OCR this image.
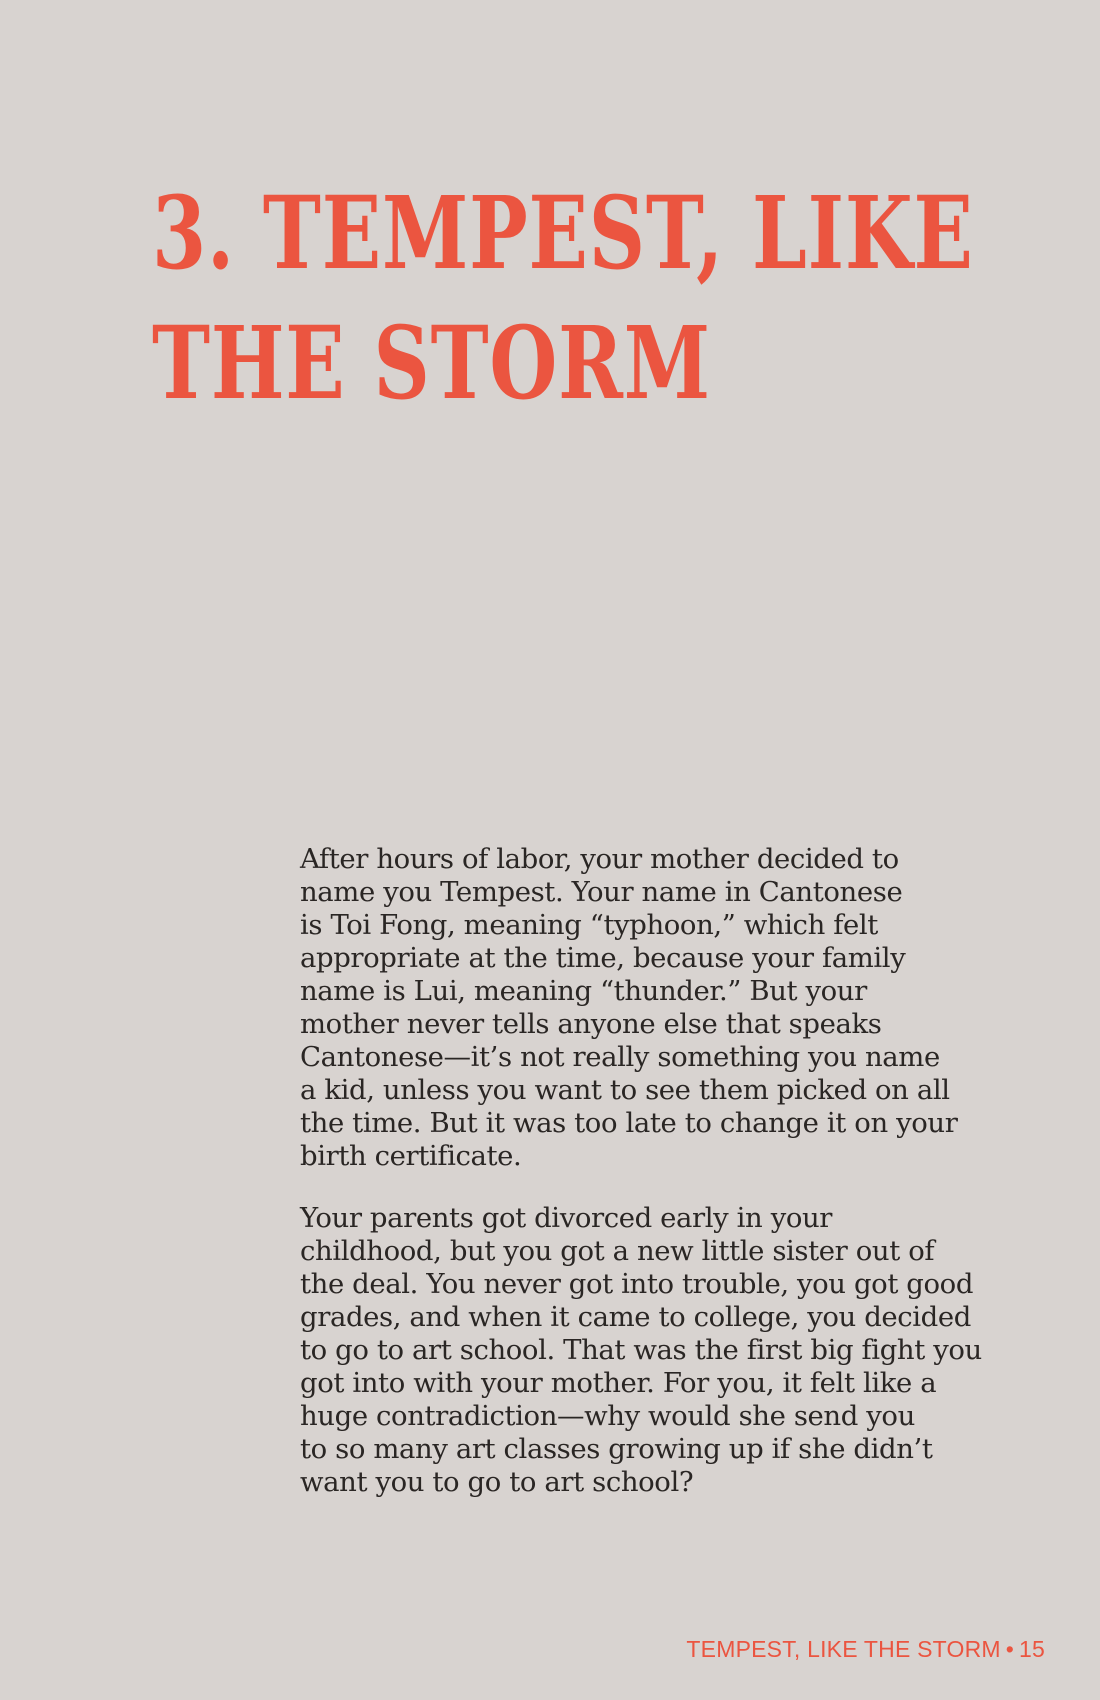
3. TEMPEST, LIKE
THE STORM

After hours of labor, your mother decided to
name you Tempest. Your name in Cantonese
is Toi Fong, meaning “typhoon,” which felt
appropriate at the time, because your family
name is Lui, meaning “thunder.” But your
mother never tells anyone else that speaks
Cantonese—it’s not really something you name
a kid, unless you want to see them picked on all
the time. But it was too late to change it on your
birth certificate.

Your parents got divorced early in your
childhood, but you got a new little sister out of
the deal. You never got into trouble, you got good
grades, and when it came to college, you decided
to go to art school. That was the first big fight you
got into with your mother. For you, it felt like a
huge contradiction—why would she send you
to so many art classes growing up if she didn’t
want you to go to art school?

TEMPEST, LIKE THE STORM • 15
